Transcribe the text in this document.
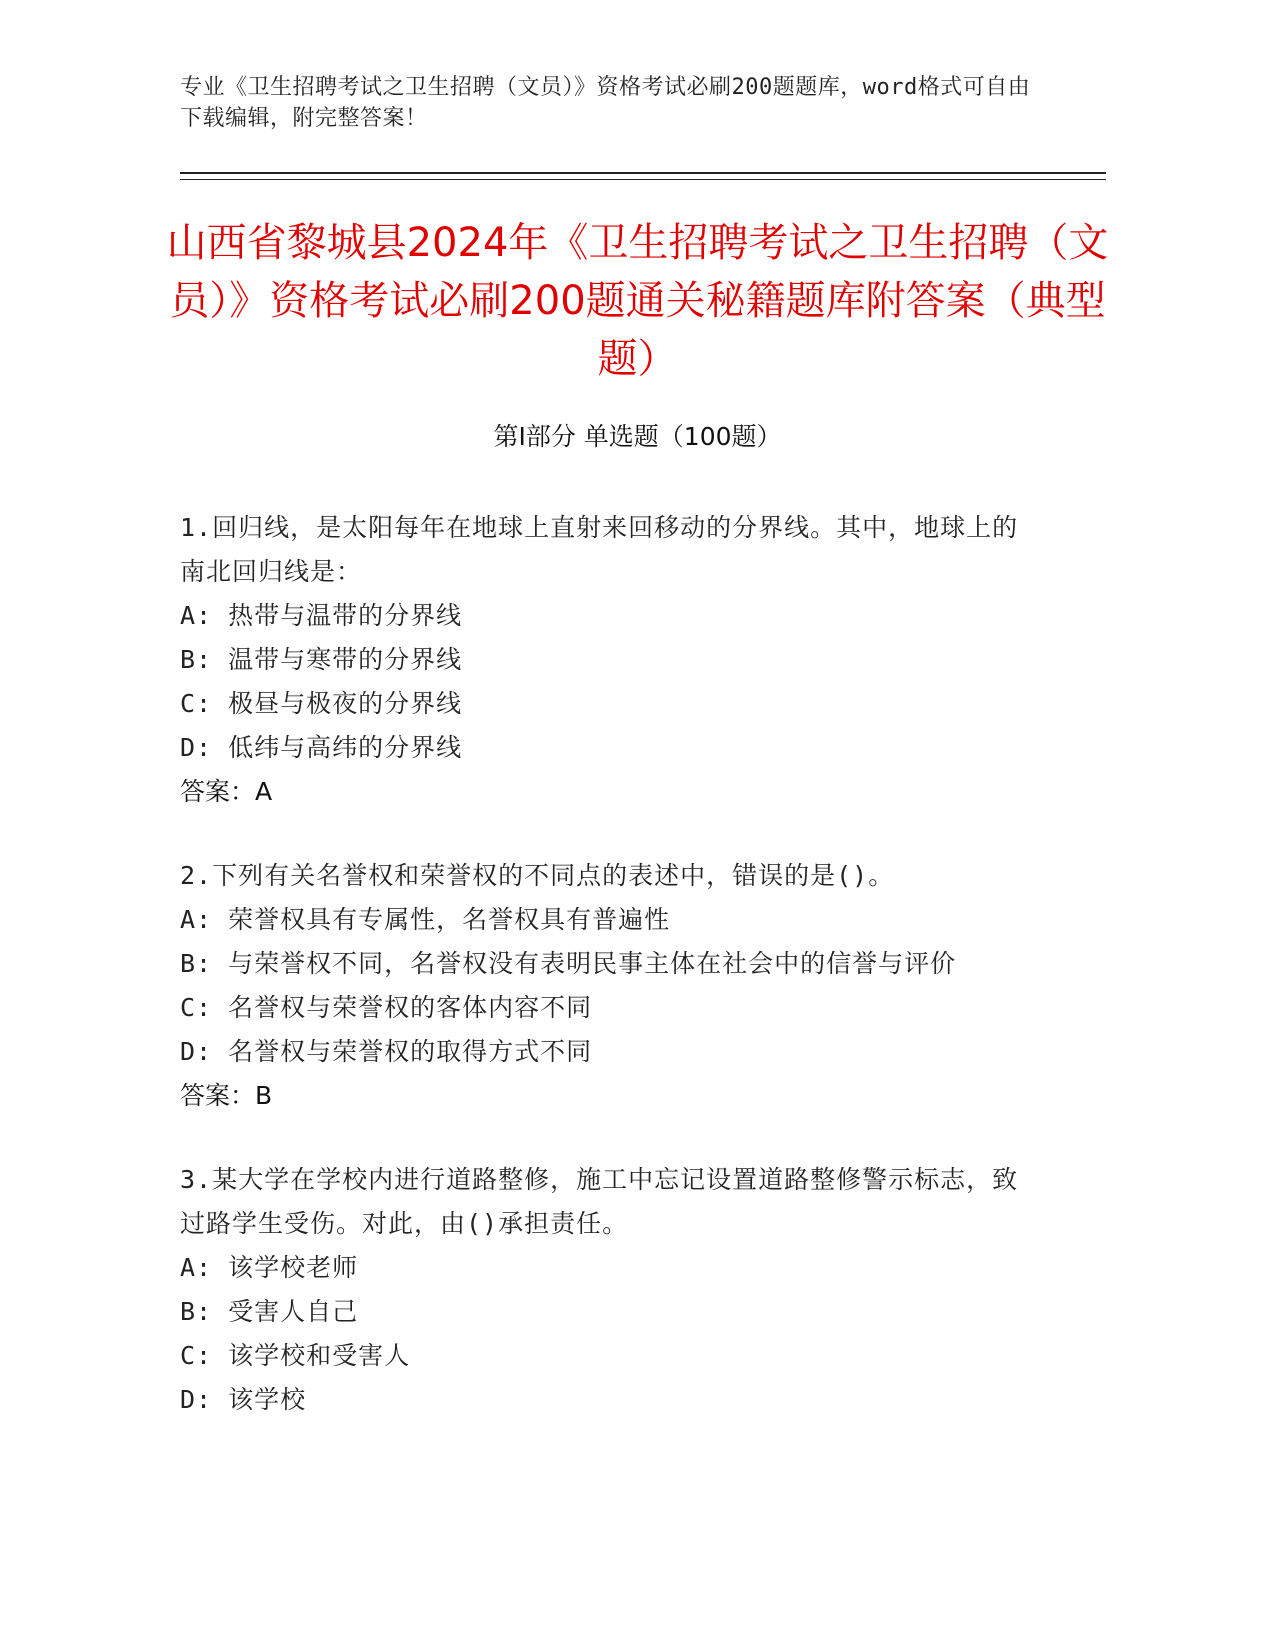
专业《卫生招聘考试之卫生招聘（文员）》资格考试必刷200题题库，word格式可自由下载编辑，附完整答案！
山西省黎城县2024年《卫生招聘考试之卫生招聘（文员）》资格考试必刷200题通关秘籍题库附答案（典型题）
第Ⅰ部分 单选题（100题）
1.回归线，是太阳每年在地球上直射来回移动的分界线。其中，地球上的南北回归线是：
A: 热带与温带的分界线
B: 温带与寒带的分界线
C: 极昼与极夜的分界线
D: 低纬与高纬的分界线
答案：A
2.下列有关名誉权和荣誉权的不同点的表述中，错误的是()。
A: 荣誉权具有专属性，名誉权具有普遍性
B: 与荣誉权不同，名誉权没有表明民事主体在社会中的信誉与评价
C: 名誉权与荣誉权的客体内容不同
D: 名誉权与荣誉权的取得方式不同
答案：B
3.某大学在学校内进行道路整修，施工中忘记设置道路整修警示标志，致过路学生受伤。对此，由()承担责任。
A: 该学校老师
B: 受害人自己
C: 该学校和受害人
D: 该学校
